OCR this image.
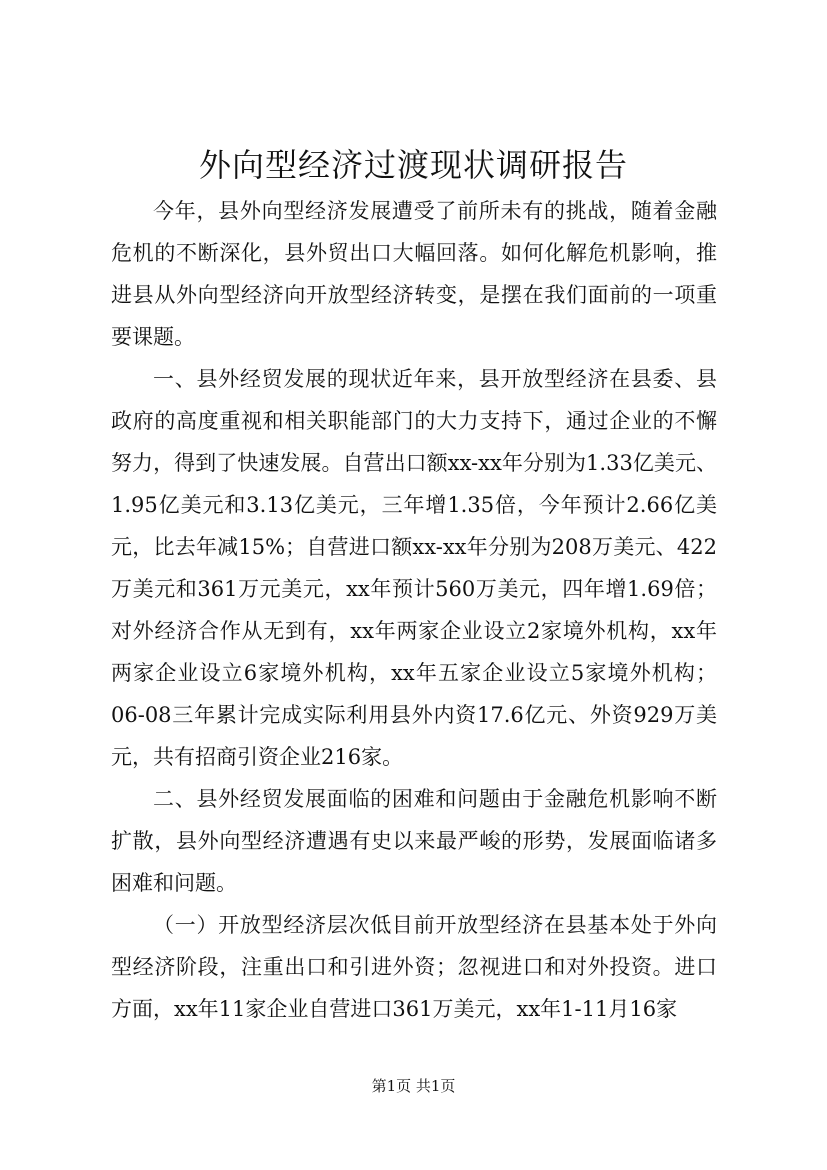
外向型经济过渡现状调研报告

今年，县外向型经济发展遭受了前所未有的挑战，随着金融危机的不断深化，县外贸出口大幅回落。如何化解危机影响，推进县从外向型经济向开放型经济转变，是摆在我们面前的一项重要课题。

一、县外经贸发展的现状近年来，县开放型经济在县委、县政府的高度重视和相关职能部门的大力支持下，通过企业的不懈努力，得到了快速发展。自营出口额xx-xx年分别为1.33亿美元、1.95亿美元和3.13亿美元，三年增1.35倍，今年预计2.66亿美元，比去年减15%；自营进口额xx-xx年分别为208万美元、422万美元和361万元美元，xx年预计560万美元，四年增1.69倍；对外经济合作从无到有，xx年两家企业设立2家境外机构，xx年两家企业设立6家境外机构，xx年五家企业设立5家境外机构；06-08三年累计完成实际利用县外内资17.6亿元、外资929万美元，共有招商引资企业216家。

二、县外经贸发展面临的困难和问题由于金融危机影响不断扩散，县外向型经济遭遇有史以来最严峻的形势，发展面临诸多困难和问题。

（一）开放型经济层次低目前开放型经济在县基本处于外向型经济阶段，注重出口和引进外资；忽视进口和对外投资。进口方面，xx年11家企业自营进口361万美元，xx年1-11月16家

第1页 共1页
